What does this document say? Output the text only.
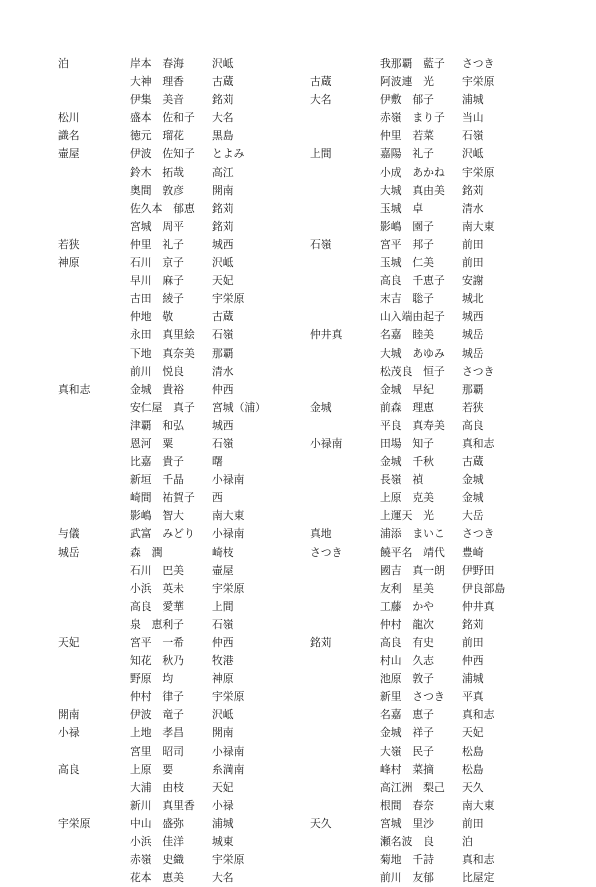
泊	岸本　春海	沢岻
大神　理香	古蔵
伊集　美音	銘苅
松川	盛本　佐和子 大名
識名	徳元　瑠花	黒島
壷屋	伊波　佐知子 とよみ
鈴木　拓哉	高江
奥間　敦彦	開南
佐久本　郁恵 銘苅
宮城　周平	銘苅
若狭	仲里　礼子	城西
神原	石川　京子	沢岻
早川　麻子	天妃
古田　綾子	宇栄原
仲地　敬	古蔵
永田　真里絵 石嶺
下地　真奈美 那覇
前川　悦良	清水
真和志	金城　貴裕	仲西
安仁屋　真子 宮城（浦）
津覇　和弘	城西
恩河　粟	石嶺
比嘉　貴子	曙
新垣　千晶	小禄南
崎間　祐賀子 西
影嶋　智大	南大東
与儀	武富　みどり 小禄南
城岳	森　潤	崎枝
石川　巴美	壷屋
小浜　英未	宇栄原
高良　愛華	上間
泉　恵利子	石嶺
天妃	宮平　一希	仲西
知花　秋乃	牧港
野原　均	神原
仲村　律子	宇栄原
開南	伊波　竜子	沢岻
小禄	上地　孝昌	開南
宮里　昭司	小禄南
高良	上原　要	糸満南
大浦　由枝	天妃
新川　真里香 小禄
宇栄原	中山　盛弥	浦城
小浜　佳洋	城東
赤嶺　史織	宇栄原
花本　恵美	大名
我那覇　藍子 さつき
古蔵	阿波連　光	宇栄原
大名	伊敷　郁子	浦城
赤嶺　まり子 当山
仲里　若菜	石嶺
上間	嘉陽　礼子	沢岻
小成　あかね 宇栄原
大城　真由美 銘苅
玉城　卓	清水
影嶋　園子	南大東
石嶺	宮平　邦子	前田
玉城　仁美	前田
高良　千恵子 安謝
末吉　聡子	城北
山入端由起子 城西
仲井真	名嘉　睦美	城岳
大城　あゆみ 城岳
松茂良　恒子 さつき
金城　早紀	那覇
金城	前森　理恵	若狭
平良　真寿美 高良
小禄南	田場　知子	真和志
金城　千秋	古蔵
長嶺　禎	金城
上原　克美	金城
上運天　光	大岳
真地	浦添　まいこ さつき
さつき	饒平名　靖代 豊崎
國吉　真一朗 伊野田
友利　星美	伊良部島
工藤　かや	仲井真
仲村　龍次	銘苅
銘苅	高良　有史	前田
村山　久志	仲西
池原　敦子	浦城
新里　さつき 平真
名嘉　恵子	真和志
金城　祥子	天妃
大嶺　民子	松島
峰村　菜摘	松島
高江洲　梨己 天久
根間　春奈	南大東
天久	宮城　里沙	前田
瀬名波　良	泊
菊地　千詩	真和志
前川　友郁	比屋定
